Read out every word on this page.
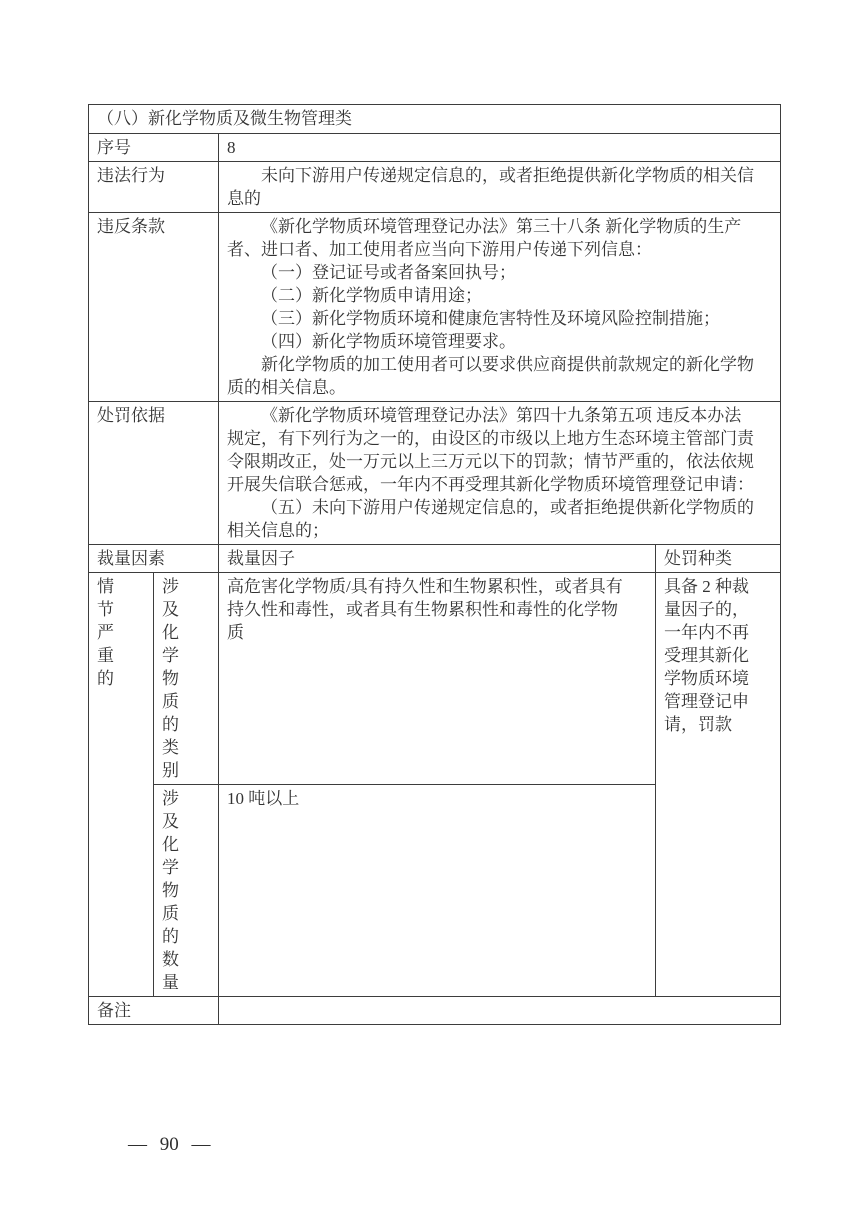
（八）新化学物质及微生物管理类			
序号		8	
违法行为		未向下游用户传递规定信息的，或者拒绝提供新化学物质的相关信息的	

违反条款	《新化学物质环境管理登记办法》第三十八条 新化学物质的生产者、进口者、加工使用者应当向下游用户传递下列信息：

（一）登记证号或者备案回执号；

（二）新化学物质申请用途；

（三）新化学物质环境和健康危害特性及环境风险控制措施；

（四）新化学物质环境管理要求。

新化学物质的加工使用者可以要求供应商提供前款规定的新化学物质的相关信息。

处罚依据		《新化学物质环境管理登记办法》第四十九条第五项 违反本办法规定，有下列行为之一的，由设区的市级以上地方生态环境主管部门责令限期改正，处一万元以上三万元以下的罚款；情节严重的，依法依规开展失信联合惩戒，一年内不再受理其新化学物质环境管理登记申请：

（五）未向下游用户传递规定信息的，或者拒绝提供新化学物质的相关信息的；	

裁量因素		裁量因子	处罚种类
情节严重的	涉及化学物质的类别	高危害化学物质/具有持久性和生物累积性，或者具有持久性和毒性，或者具有生物累积性和毒性的化学物质	具备 2 种裁量因子的，一年内不再受理其新化学物质环境管理登记申请，罚款
	涉及化学物质的数量	10 吨以上	
备注			
— 90 —
